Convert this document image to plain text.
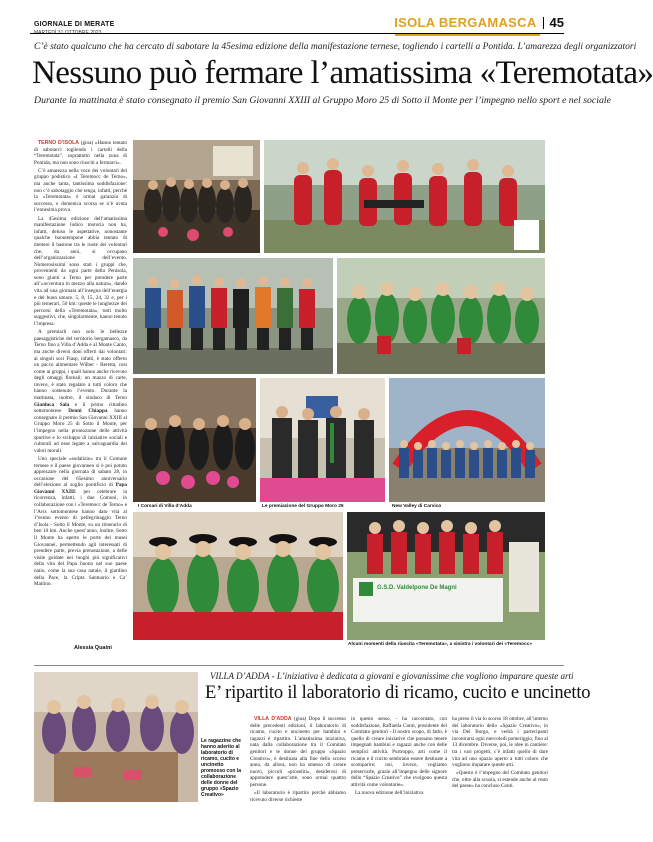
GIORNALE DI MERATE	ISOLA BERGAMASCA 45
C’è stato qualcuno che ha cercato di sabotare la 45esima edizione della manifestazione ternese, togliendo i cartelli a Pontida. L’amarezza degli organizzatori
Nessuno può fermare l’amatissima «Teremotata»
Durante la mattinata è stato consegnato il premio San Giovanni XXIII al Gruppo Moro 25 di Sotto il Monte per l’impegno nello sport e nel sociale

TERNO D’ISOLA (gioa) «Hanno tentato di sabotarci togliendo i cartelli della “Teremotata”, soprattutto nella zona di Pontida, ma non sono riusciti a fermarci».

C’è amarezza nella voce dei volontari del gruppo podistico «I Teremocc de Terno», ma anche tanta, tantissima soddisfazione: non c’è sabotaggio che tenga, infatti, perché la «Teremotata» è ormai garanzia di successo, e domenica scorsa se n’è avuta l’ennesima prova.

La 45esima edizione dell’amatissima manifestazione ludico motoria non ha, infatti, deluso le aspettative, nonostante qualche buontempone abbia tentato di mettere il bastone tra le ruote dei volontari che, da anni, si occupano dell’organizzazione dell’evento. Numerosissimi sono stati i gruppi che, provenienti da ogni parte della Penisola, sono giunti a Terno per prendere parte all’«avventura in mezzo alla natura», dando vita ad una giornata all’insegna dell’energia e del buon umore. 5, 8, 15, 24, 32 e, per i più temerari, 50 km: queste le lunghezze dei percorsi della «Teremotata», tutti molto suggestivi, che, singolarmente, hanno tenuto l’impresa.

A premiarli non solo le bellezze paesaggistiche del territorio bergamasco, da Terno fino a Villa d’Adda e al Monte Canto, ma anche diversi doni offerti dai volontari: ai singoli soci Fiasp, infatti, è stato offerto un pacco alimentare Wilber - Beretta, così come ai gruppi, i quali hanno anche ricevuto degli omaggi floreali; un mazzo di carte, invece, è stato regalato a tutti coloro che hanno sostenuto l’evento. Durante la mattinata, inoltre, il sindaco di Terno Gianluca Sala e il primo cittadino sottomontese Denni Chiappa hanno consegnato il premio San Giovanni XXIII al Gruppo Moro 25 di Sotto il Monte, per l’impegno nella promozione delle attività sportive e lo sviluppo di iniziative sociali e culturali ad esse legate a salvaguardia dei valori morali.

Uno speciale «sodalizio» tra il Comune ternese e il paese giovanneo si è poi potuto apprezzare nella giornata di sabato 28, in occasione del 65esimo anniversario dell’elezione al soglio pontificio di Papa Giovanni XXIII: per celebrare la ricorrenza, infatti, i due Comuni, in collaborazione con i «Teremocc de Terno» e l’Avis sottomontese hanno dato vita al 1ºesimo evento di pellegrinaggio Terno d’Isola - Sotto il Monte, su un itinerario di ben 10 km. Anche quest’anno, inoltre, Sotto il Monte ha aperto le porte dei musei Giovannei, permettendo agli interessati di prendere parte, previa prenotazione, a delle visite guidate nei luoghi più significativi della vita del Papa buono nel suo paese natio, come la sua casa natale, il giardino della Pace, la Cripta Santuario e Ca’ Maitino.

Alessia Quaini
I Corsari di Villa d’Adda	Le premiazione del Gruppo Moro 25	New Valley di Carvico
G.S.D. Valdelpone De Magni
Alcuni momenti della riuscita «Teremotata», a sinistra i volontari dei «Teremocc»
Le ragazzine che hanno aderito al laboratorio di ricamo, cucito e uncinetto promosso con la collaborazione delle donne del gruppo «Spazio Creativo»
VILLA D’ADDA - L’iniziativa è dedicata a giovani e giovanissime che vogliono imparare queste arti
E’ ripartito il laboratorio di ricamo, cucito e uncinetto

VILLA D’ADDA (gioa) Dopo il successo delle precedenti edizioni, il laboratorio di ricamo, cucito e uncinetto per bambini e ragazzi è ripartito. L’amatissima iniziativa, nata dalla collaborazione tra il Comitato genitori e le donne del gruppo «Spazio Creativo», è destinata alla fine dello scorso anno, da allora, non ha smesso di creare nuovi, piccoli «proseliti», desiderosi di apprendere quest’arte, sono ormai quattro persone.

«Il laboratorio è ripartito perché abbiamo ricevuto diverse richieste

in questo senso, - ha raccontato, con soddisfazione, Raffaella Conti, presidente del Comitato genitori - Il nostro scopo, di fatto, è quello di creare iniziative che possano tenere impegnati bambini e ragazzi anche con delle semplici attività. Purtroppo, arti come il ricamo e il cucito sembrano essere destinate a scomparire; noi, invece, vogliamo preservarle, grazie all’impegno delle signore dello “Spazio Creativo” che svolgono questa attività come volontarie».

La nuova edizione dell’iniziativa

ha preso il via lo scorso 18 ottobre, all’interno del laboratorio dello «Spazio Creativo», in via Del Borgo, e vedrà i partecipanti incontrarsi ogni mercoledì pomeriggio, fino al 13 dicembre. Diverse, poi, le idee in cantiere: tra i vari progetti, c’è infatti quello di dare vita ad uno spazio aperto a tutti coloro che vogliono imparare queste arti.

«Questo è l’impegno del Comitato genitori che, oltre alla scuola, si estende anche al resto del paese» ha concluso Conti.
